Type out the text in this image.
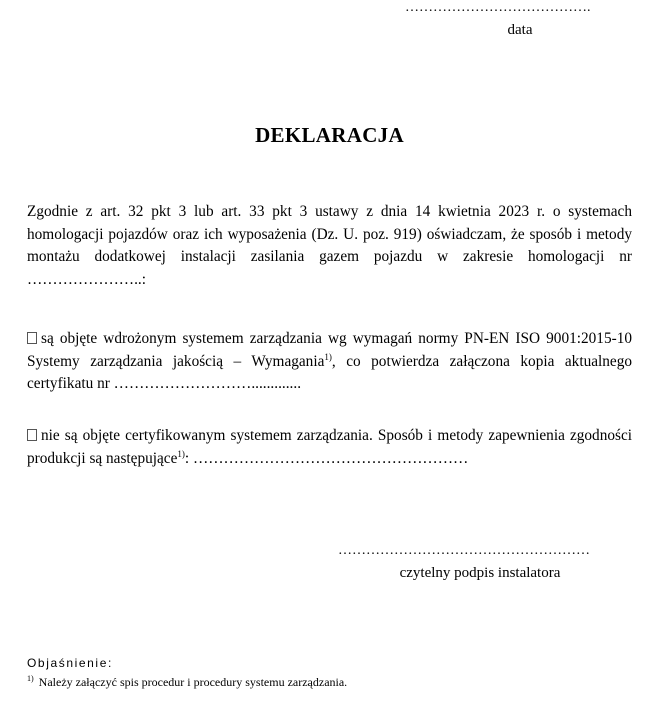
………………………………….
data
DEKLARACJA
Zgodnie z art. 32 pkt 3 lub art. 33 pkt 3 ustawy z dnia 14 kwietnia 2023 r. o systemach homologacji pojazdów oraz ich wyposażenia (Dz. U. poz. 919) oświadczam, że sposób i metody montażu dodatkowej instalacji zasilania gazem pojazdu w zakresie homologacji nr …………………..:
są objęte wdrożonym systemem zarządzania wg wymagań normy PN-EN ISO 9001:2015-10 Systemy zarządzania jakością – Wymagania$^{1)}$, co potwierdza załączona kopia aktualnego certyfikatu nr ……………………….............
nie są objęte certyfikowanym systemem zarządzania. Sposób i metody zapewnienia zgodności produkcji są następujące$^{1)}$: ………………………………………………
………………………………………………
czytelny podpis instalatora
Objaśnienie:
$^{1)}$ Należy załączyć spis procedur i procedury systemu zarządzania.
